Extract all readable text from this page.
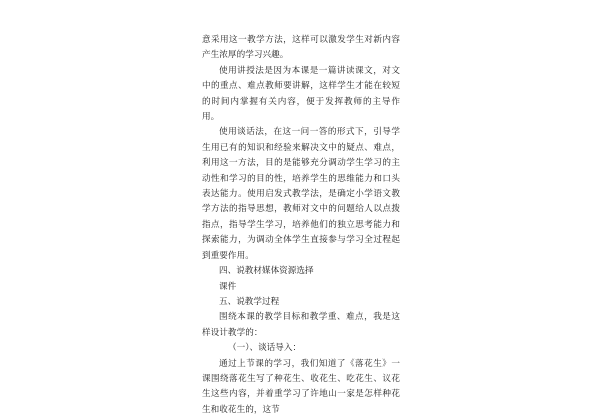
意采用这一教学方法，这样可以激发学生对新内容产生浓厚的学习兴趣。

使用讲授法是因为本课是一篇讲读课文，对文中的重点、难点教师要讲解，这样学生才能在较短的时间内掌握有关内容，便于发挥教师的主导作用。

使用谈话法，在这一问一答的形式下，引导学生用已有的知识和经验来解决文中的疑点、难点，利用这一方法，目的是能够充分调动学生学习的主动性和学习的目的性，培养学生的思维能力和口头表达能力。使用启发式教学法，是确定小学语文教学方法的指导思想，教师对文中的问题给人以点拨指点，指导学生学习，培养他们的独立思考能力和探索能力，为调动全体学生直接参与学习全过程起到重要作用。

四、说教材媒体资源选择

课件

五、说教学过程

围绕本课的教学目标和教学重、难点，我是这样设计教学的：

（一）、谈话导入：

通过上节课的学习，我们知道了《落花生》一课围绕落花生写了种花生、收花生、吃花生、议花生这些内容，并着重学习了许地山一家是怎样种花生和收花生的，这节
